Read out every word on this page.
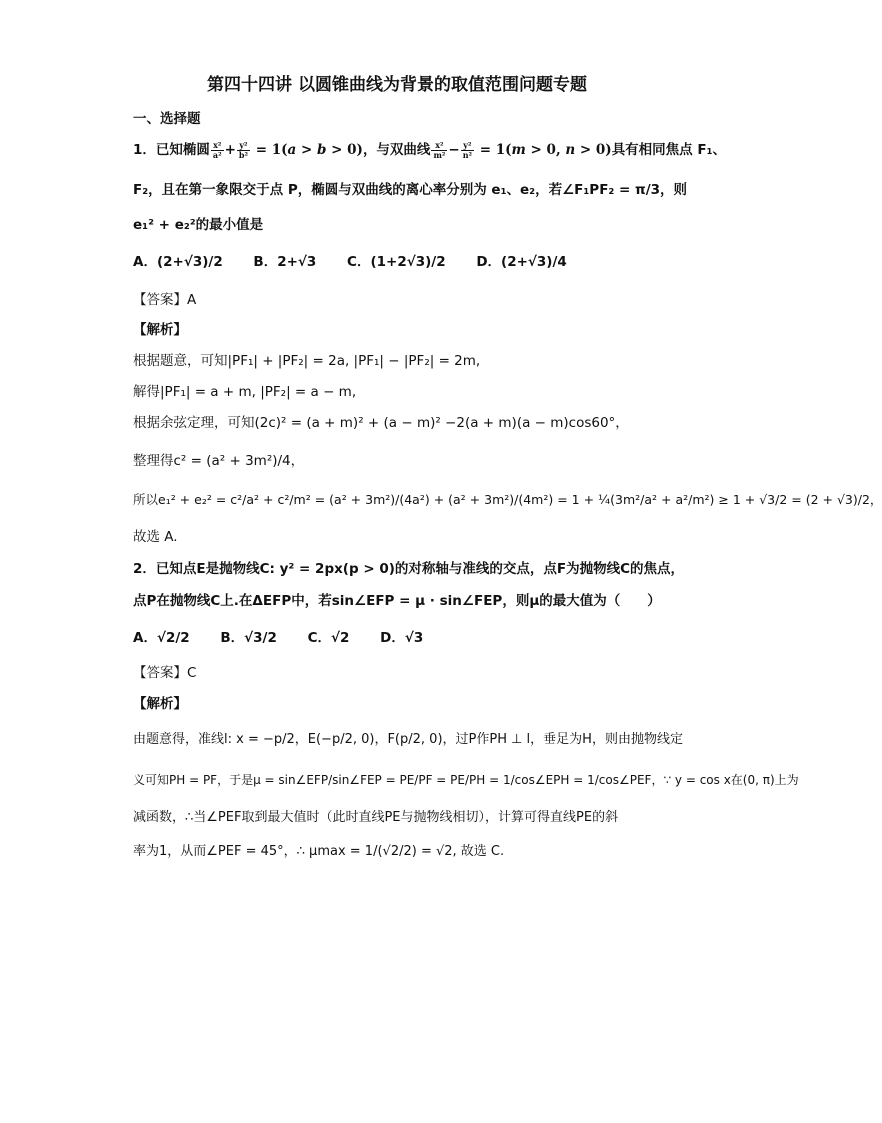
第四十四讲 以圆锥曲线为背景的取值范围问题专题
一、选择题
1．已知椭圆 $\frac{\text{x²}}{\text{a²}} + \frac{\text{y²}}{\text{b²}} = 1(a > b > 0)$，与双曲线 $\frac{\text{x²}}{\text{m²}} - \frac{\text{y²}}{\text{n²}} = 1(m > 0$, n > 0)具有相同焦点 F₁、
F₂，且在第一象限交于点 P，椭圆与双曲线的离心率分别为 e₁、e₂，若∠F₁PF₂ = π/3，则
e₁² + e₂²的最小值是
A．(2+√3)/2 B．2+√3 C．(1+2√3)/2 D．(2+√3)/4
【答案】A
【解析】
根据题意，可知|PF₁| + |PF₂| = 2a, |PF₁| − |PF₂| = 2m,
解得|PF₁| = a + m, |PF₂| = a − m,
根据余弦定理，可知(2c)² = (a + m)² + (a − m)² −2(a + m)(a − m)cos60°，
整理得c² = (a² + 3m²)/4，
所以e₁² + e₂² = c²/a² + c²/m² = (a² + 3m²)/(4a²) + (a² + 3m²)/(4m²) = 1 + ¼(3m²/a² + a²/m²) ≥ 1 + √3/2 = (2 + √3)/2，
故选 A.
2．已知点E是抛物线C: y² = 2px(p > 0)的对称轴与准线的交点，点F为抛物线C的焦点，
点P在抛物线C上.在ΔEFP中，若sin∠EFP = μ · sin∠FEP，则μ的最大值为（　　）
A．√2/2 B．√3/2 C．√2 D．√3
【答案】C
【解析】
由题意得，准线l: x = −p/2，E(−p/2, 0)，F(p/2, 0)，过P作PH ⊥ l，垂足为H，则由抛物线定
义可知PH = PF，于是μ = sin∠EFP/sin∠FEP = PE/PF = PE/PH = 1/cos∠EPH = 1/cos∠PEF，∵ y = cos x在(0, π)上为
减函数，∴当∠PEF取到最大值时（此时直线PE与抛物线相切），计算可得直线PE的斜
率为1，从而∠PEF = 45°，∴ μmax = 1/(√2/2) = √2, 故选 C.
